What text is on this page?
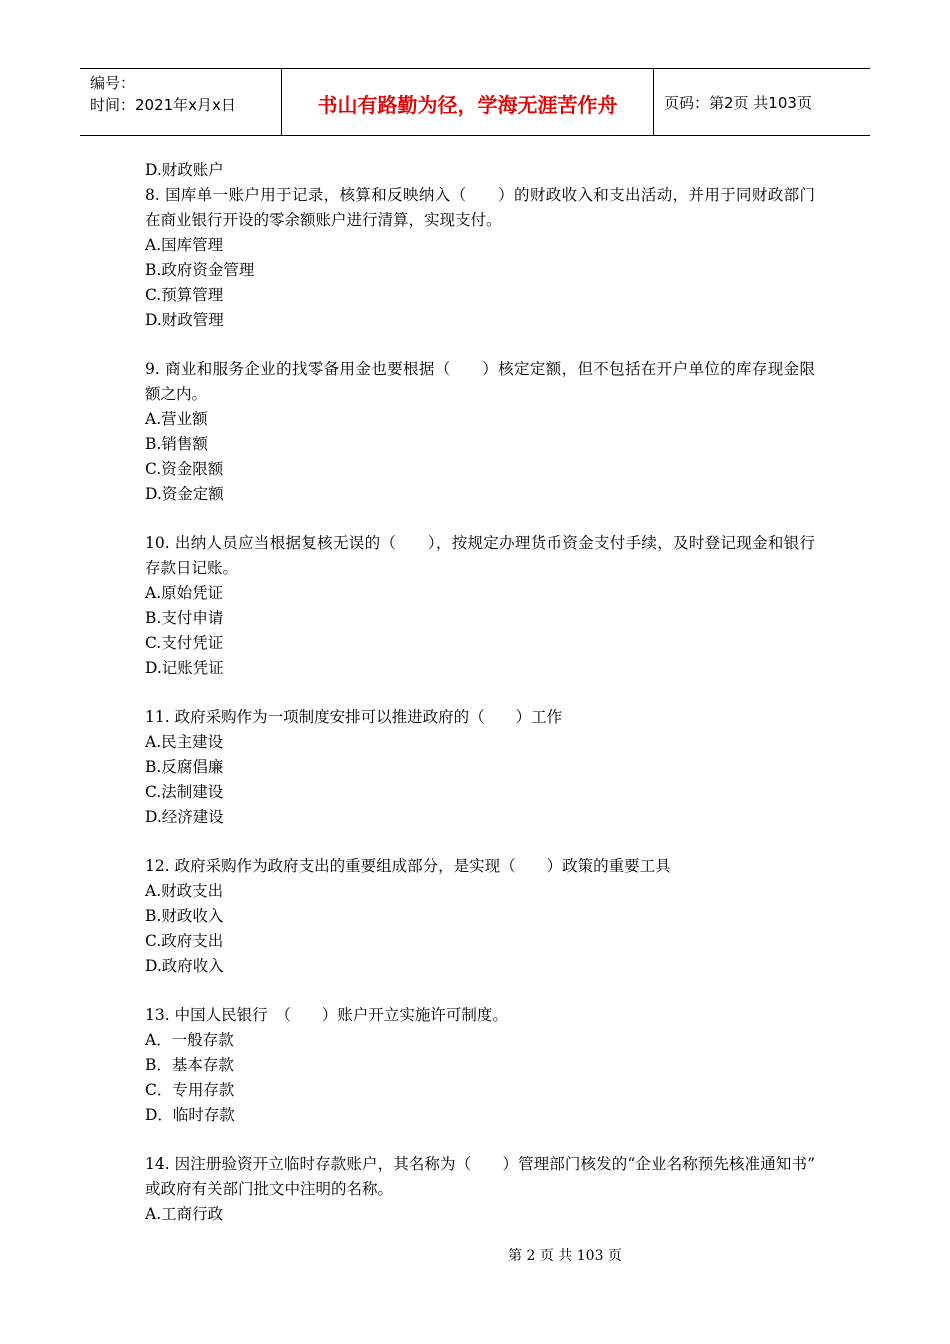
编号：
时间：2021年x月x日	书山有路勤为径，学海无涯苦作舟	页码：第2页 共103页
D.财政账户
8. 国库单一账户用于记录，核算和反映纳入（　　）的财政收入和支出活动，并用于同财政部门在商业银行开设的零余额账户进行清算，实现支付。
A.国库管理
B.政府资金管理
C.预算管理
D.财政管理
9. 商业和服务企业的找零备用金也要根据（　　）核定定额，但不包括在开户单位的库存现金限额之内。
A.营业额
B.销售额
C.资金限额
D.资金定额
10. 出纳人员应当根据复核无误的（　　），按规定办理货币资金支付手续，及时登记现金和银行存款日记账。
A.原始凭证
B.支付申请
C.支付凭证
D.记账凭证
11. 政府采购作为一项制度安排可以推进政府的（　　）工作
A.民主建设
B.反腐倡廉
C.法制建设
D.经济建设
12. 政府采购作为政府支出的重要组成部分，是实现（　　）政策的重要工具
A.财政支出
B.财政收入
C.政府支出
D.政府收入
13. 中国人民银行　（　　）账户开立实施许可制度。
A．一般存款
B．基本存款
C．专用存款
D．临时存款
14. 因注册验资开立临时存款账户，其名称为（　　）管理部门核发的“企业名称预先核准通知书” 或政府有关部门批文中注明的名称。
A.工商行政
第 2 页 共 103 页
